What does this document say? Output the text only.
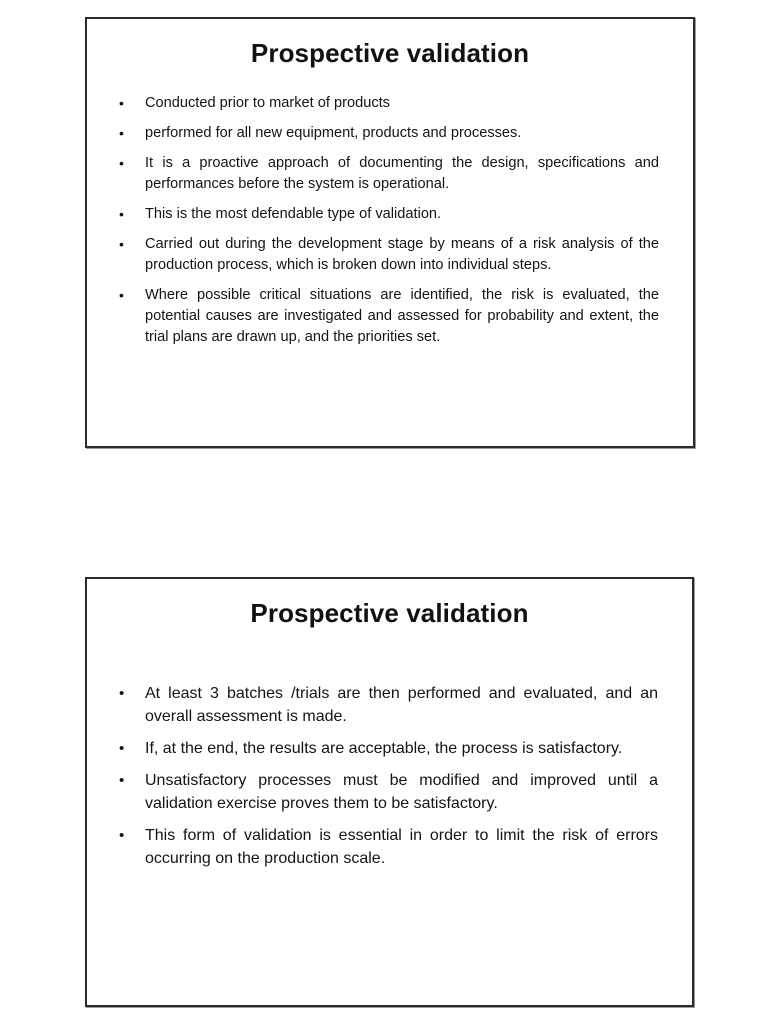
Prospective validation
• Conducted prior to market of products
• performed for all new equipment, products and processes.
• It is a proactive approach of documenting the design, specifications and performances before the system is operational.
• This is the most defendable type of validation.
• Carried out during the development stage by means of a risk analysis of the production process, which is broken down into individual steps.
• Where possible critical situations are identified, the risk is evaluated, the potential causes are investigated and assessed for probability and extent, the trial plans are drawn up, and the priorities set.
Prospective validation
• At least 3 batches /trials are then performed and evaluated, and an overall assessment is made.
• If, at the end, the results are acceptable, the process is satisfactory.
• Unsatisfactory processes must be modified and improved until a validation exercise proves them to be satisfactory.
• This form of validation is essential in order to limit the risk of errors occurring on the production scale.
